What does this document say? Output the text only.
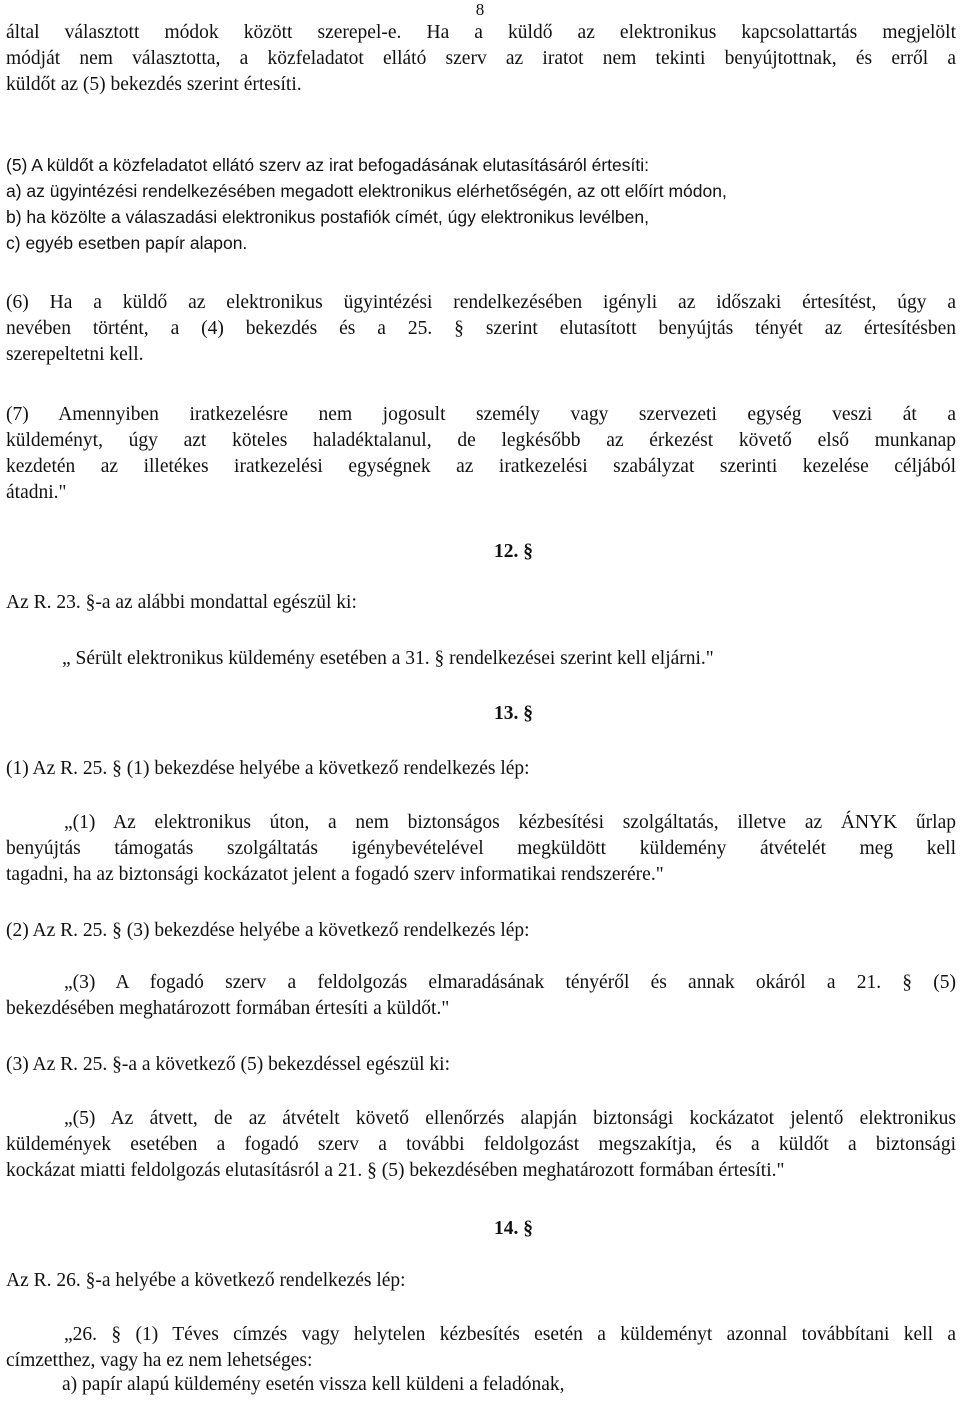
8
által választott módok között szerepel-e. Ha a küldő az elektronikus kapcsolattartás megjelölt
módját nem választotta, a közfeladatot ellátó szerv az iratot nem tekinti benyújtottnak, és erről a
küldőt az (5) bekezdés szerint értesíti.
(5) A küldőt a közfeladatot ellátó szerv az irat befogadásának elutasításáról értesíti:
a) az ügyintézési rendelkezésében megadott elektronikus elérhetőségén, az ott előírt módon,
b) ha közölte a válaszadási elektronikus postafiók címét, úgy elektronikus levélben,
c) egyéb esetben papír alapon.
(6) Ha a küldő az elektronikus ügyintézési rendelkezésében igényli az időszaki értesítést, úgy a
nevében történt, a (4) bekezdés és a 25. § szerint elutasított benyújtás tényét az értesítésben
szerepeltetni kell.
(7) Amennyiben iratkezelésre nem jogosult személy vagy szervezeti egység veszi át a
küldeményt, úgy azt köteles haladéktalanul, de legkésőbb az érkezést követő első munkanap
kezdetén az illetékes iratkezelési egységnek az iratkezelési szabályzat szerinti kezelése céljából
átadni."
12. §
Az R. 23. §-a az alábbi mondattal egészül ki:
„ Sérült elektronikus küldemény esetében a 31. § rendelkezései szerint kell eljárni."
13. §
(1) Az R. 25. § (1) bekezdése helyébe a következő rendelkezés lép:
„(1) Az elektronikus úton, a nem biztonságos kézbesítési szolgáltatás, illetve az ÁNYK űrlap
benyújtás támogatás szolgáltatás igénybevételével megküldött küldemény átvételét meg kell
tagadni, ha az biztonsági kockázatot jelent a fogadó szerv informatikai rendszerére."
(2) Az R. 25. § (3) bekezdése helyébe a következő rendelkezés lép:
„(3) A fogadó szerv a feldolgozás elmaradásának tényéről és annak okáról a 21. § (5)
bekezdésében meghatározott formában értesíti a küldőt."
(3) Az R. 25. §-a a következő (5) bekezdéssel egészül ki:
„(5) Az átvett, de az átvételt követő ellenőrzés alapján biztonsági kockázatot jelentő elektronikus
küldemények esetében a fogadó szerv a további feldolgozást megszakítja, és a küldőt a biztonsági
kockázat miatti feldolgozás elutasításról a 21. § (5) bekezdésében meghatározott formában értesíti."
14. §
Az R. 26. §-a helyébe a következő rendelkezés lép:
„26. § (1) Téves címzés vagy helytelen kézbesítés esetén a küldeményt azonnal továbbítani kell a
címzetthez, vagy ha ez nem lehetséges:
a) papír alapú küldemény esetén vissza kell küldeni a feladónak,
